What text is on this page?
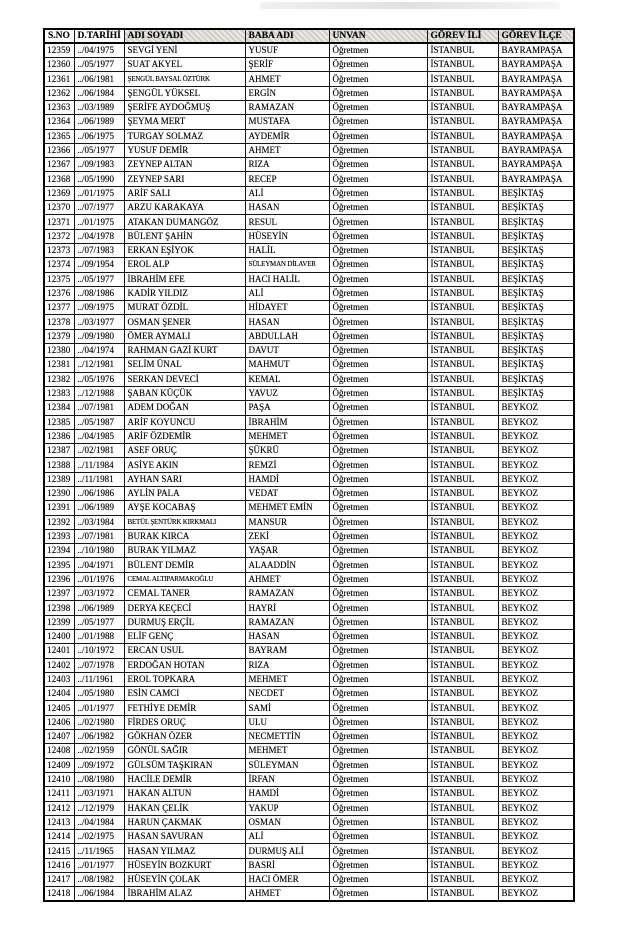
S.NO	D.TARİHİ	ADI SOYADI	BABA ADI	UNVAN	GÖREV İLİ	GÖREV İLÇE
12359	../04/1975	SEVGİ YENİ	YUSUF	Öğretmen	İSTANBUL	BAYRAMPAŞA
12360	../05/1977	SUAT AKYEL	ŞERİF	Öğretmen	İSTANBUL	BAYRAMPAŞA
12361	../06/1981	ŞENGÜL BAYSAL ÖZTÜRK	AHMET	Öğretmen	İSTANBUL	BAYRAMPAŞA
12362	../06/1984	ŞENGÜL YÜKSEL	ERGİN	Öğretmen	İSTANBUL	BAYRAMPAŞA
12363	../03/1989	ŞERİFE AYDOĞMUŞ	RAMAZAN	Öğretmen	İSTANBUL	BAYRAMPAŞA
12364	../06/1989	ŞEYMA MERT	MUSTAFA	Öğretmen	İSTANBUL	BAYRAMPAŞA
12365	../06/1975	TURGAY SOLMAZ	AYDEMİR	Öğretmen	İSTANBUL	BAYRAMPAŞA
12366	../05/1977	YUSUF DEMİR	AHMET	Öğretmen	İSTANBUL	BAYRAMPAŞA
12367	../09/1983	ZEYNEP ALTAN	RIZA	Öğretmen	İSTANBUL	BAYRAMPAŞA
12368	../05/1990	ZEYNEP SARI	RECEP	Öğretmen	İSTANBUL	BAYRAMPAŞA
12369	../01/1975	ARİF SALI	ALİ	Öğretmen	İSTANBUL	BEŞİKTAŞ
12370	../07/1977	ARZU KARAKAYA	HASAN	Öğretmen	İSTANBUL	BEŞİKTAŞ
12371	../01/1975	ATAKAN DUMANGÖZ	RESUL	Öğretmen	İSTANBUL	BEŞİKTAŞ
12372	../04/1978	BÜLENT ŞAHİN	HÜSEYİN	Öğretmen	İSTANBUL	BEŞİKTAŞ
12373	../07/1983	ERKAN EŞİYOK	HALİL	Öğretmen	İSTANBUL	BEŞİKTAŞ
12374	../09/1954	EROL ALP	SÜLEYMAN DİLAVER	Öğretmen	İSTANBUL	BEŞİKTAŞ
12375	../05/1977	İBRAHİM EFE	HACI HALİL	Öğretmen	İSTANBUL	BEŞİKTAŞ
12376	../08/1986	KADİR YILDIZ	ALİ	Öğretmen	İSTANBUL	BEŞİKTAŞ
12377	../09/1975	MURAT ÖZDİL	HİDAYET	Öğretmen	İSTANBUL	BEŞİKTAŞ
12378	../03/1977	OSMAN ŞENER	HASAN	Öğretmen	İSTANBUL	BEŞİKTAŞ
12379	../09/1980	ÖMER AYMALI	ABDULLAH	Öğretmen	İSTANBUL	BEŞİKTAŞ
12380	../04/1974	RAHMAN GAZİ KURT	DAVUT	Öğretmen	İSTANBUL	BEŞİKTAŞ
12381	../12/1981	SELİM ÜNAL	MAHMUT	Öğretmen	İSTANBUL	BEŞİKTAŞ
12382	../05/1976	SERKAN DEVECİ	KEMAL	Öğretmen	İSTANBUL	BEŞİKTAŞ
12383	../12/1988	ŞABAN KÜÇÜK	YAVUZ	Öğretmen	İSTANBUL	BEŞİKTAŞ
12384	../07/1981	ADEM DOĞAN	PAŞA	Öğretmen	İSTANBUL	BEYKOZ
12385	../05/1987	ARİF KOYUNCU	İBRAHİM	Öğretmen	İSTANBUL	BEYKOZ
12386	../04/1985	ARİF ÖZDEMİR	MEHMET	Öğretmen	İSTANBUL	BEYKOZ
12387	../02/1981	ASEF ORUÇ	ŞÜKRÜ	Öğretmen	İSTANBUL	BEYKOZ
12388	../11/1984	ASİYE AKIN	REMZİ	Öğretmen	İSTANBUL	BEYKOZ
12389	../11/1981	AYHAN SARI	HAMDİ	Öğretmen	İSTANBUL	BEYKOZ
12390	../06/1986	AYLİN PALA	VEDAT	Öğretmen	İSTANBUL	BEYKOZ
12391	../06/1989	AYŞE KOCABAŞ	MEHMET EMİN	Öğretmen	İSTANBUL	BEYKOZ
12392	../03/1984	BETÜL ŞENTÜRK KIRKMALI	MANSUR	Öğretmen	İSTANBUL	BEYKOZ
12393	../07/1981	BURAK KIRCA	ZEKİ	Öğretmen	İSTANBUL	BEYKOZ
12394	../10/1980	BURAK YILMAZ	YAŞAR	Öğretmen	İSTANBUL	BEYKOZ
12395	../04/1971	BÜLENT DEMİR	ALAADDİN	Öğretmen	İSTANBUL	BEYKOZ
12396	../01/1976	CEMAL ALTIPARMAKOĞLU	AHMET	Öğretmen	İSTANBUL	BEYKOZ
12397	../03/1972	CEMAL TANER	RAMAZAN	Öğretmen	İSTANBUL	BEYKOZ
12398	../06/1989	DERYA KEÇECİ	HAYRİ	Öğretmen	İSTANBUL	BEYKOZ
12399	../05/1977	DURMUŞ ERÇİL	RAMAZAN	Öğretmen	İSTANBUL	BEYKOZ
12400	../01/1988	ELİF GENÇ	HASAN	Öğretmen	İSTANBUL	BEYKOZ
12401	../10/1972	ERCAN USUL	BAYRAM	Öğretmen	İSTANBUL	BEYKOZ
12402	../07/1978	ERDOĞAN HOTAN	RIZA	Öğretmen	İSTANBUL	BEYKOZ
12403	../11/1961	EROL TOPKARA	MEHMET	Öğretmen	İSTANBUL	BEYKOZ
12404	../05/1980	ESİN CAMCI	NECDET	Öğretmen	İSTANBUL	BEYKOZ
12405	../01/1977	FETHİYE DEMİR	SAMİ	Öğretmen	İSTANBUL	BEYKOZ
12406	../02/1980	FİRDES ORUÇ	ULU	Öğretmen	İSTANBUL	BEYKOZ
12407	../06/1982	GÖKHAN ÖZER	NECMETTİN	Öğretmen	İSTANBUL	BEYKOZ
12408	../02/1959	GÖNÜL SAĞIR	MEHMET	Öğretmen	İSTANBUL	BEYKOZ
12409	../09/1972	GÜLSÜM TAŞKIRAN	SÜLEYMAN	Öğretmen	İSTANBUL	BEYKOZ
12410	../08/1980	HACİLE DEMİR	İRFAN	Öğretmen	İSTANBUL	BEYKOZ
12411	../03/1971	HAKAN ALTUN	HAMDİ	Öğretmen	İSTANBUL	BEYKOZ
12412	../12/1979	HAKAN ÇELİK	YAKUP	Öğretmen	İSTANBUL	BEYKOZ
12413	../04/1984	HARUN ÇAKMAK	OSMAN	Öğretmen	İSTANBUL	BEYKOZ
12414	../02/1975	HASAN SAVURAN	ALİ	Öğretmen	İSTANBUL	BEYKOZ
12415	../11/1965	HASAN YILMAZ	DURMUŞ ALİ	Öğretmen	İSTANBUL	BEYKOZ
12416	../01/1977	HÜSEYİN BOZKURT	BASRİ	Öğretmen	İSTANBUL	BEYKOZ
12417	../08/1982	HÜSEYİN ÇOLAK	HACI ÖMER	Öğretmen	İSTANBUL	BEYKOZ
12418	../06/1984	İBRAHİM ALAZ	AHMET	Öğretmen	İSTANBUL	BEYKOZ
